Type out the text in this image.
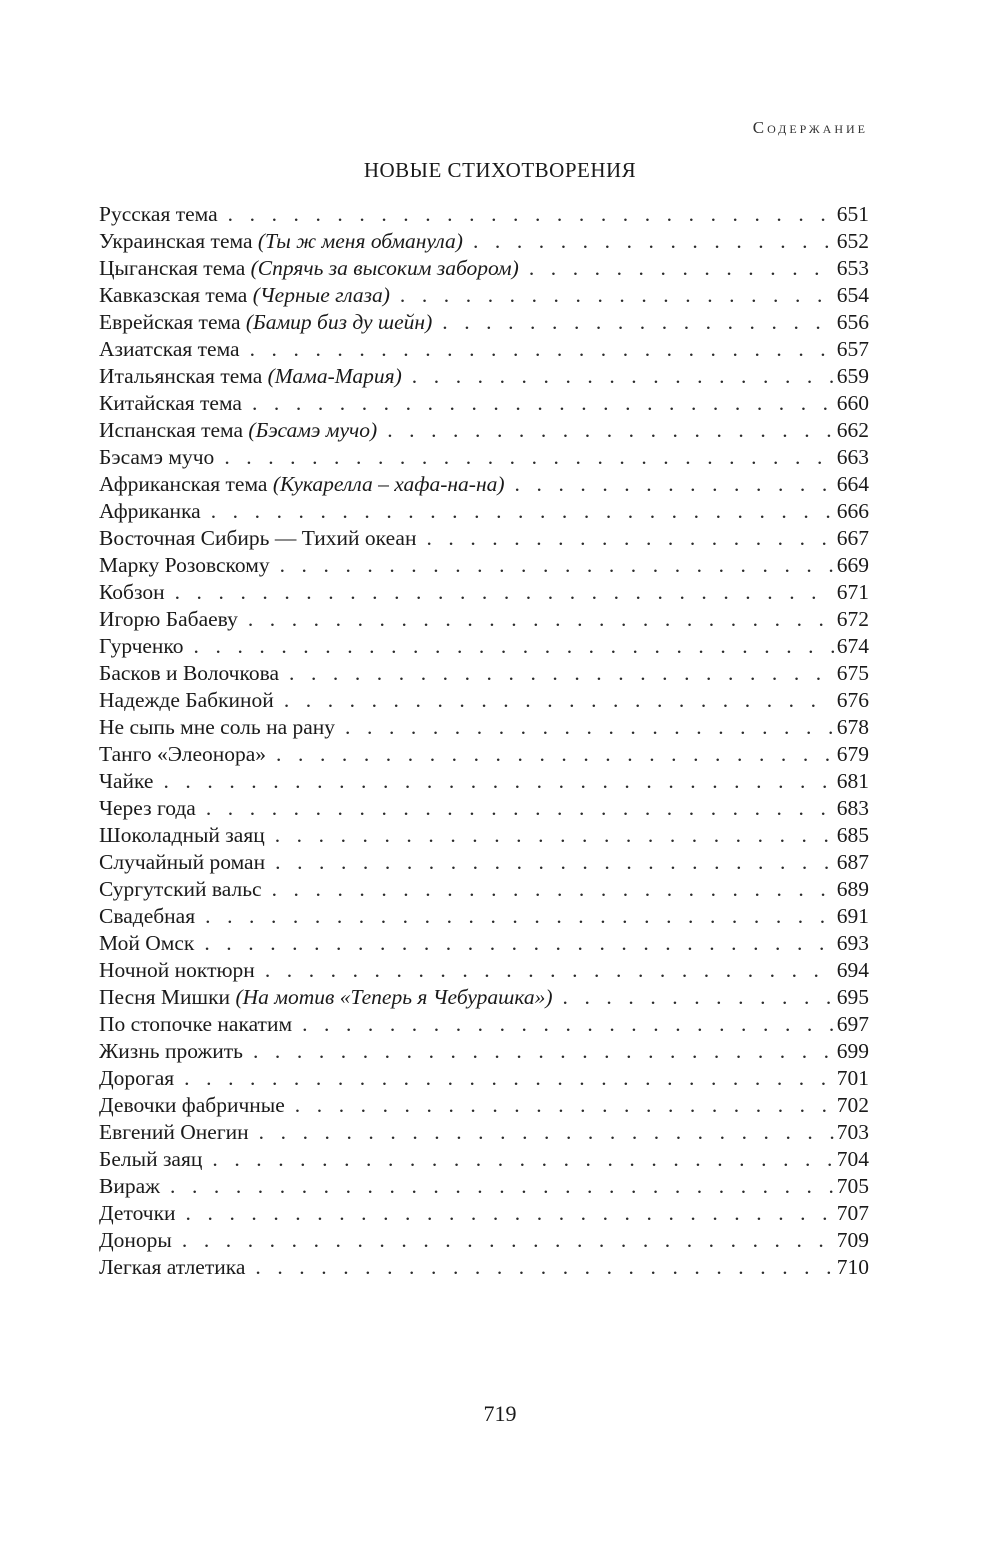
Содержание
НОВЫЕ СТИХОТВОРЕНИЯ
Русская тема . . .	651
Украинская тема (Ты ж меня обманула) . . .	652
Цыганская тема (Спрячь за высоким забором) . . .	653
Кавказская тема (Черные глаза) . . .	654
Еврейская тема (Бамир биз ду шейн) . . .	656
Азиатская тема . . .	657
Итальянская тема (Мама-Мария) . . .	659
Китайская тема . . .	660
Испанская тема (Бэсамэ мучо) . . .	662
Бэсамэ мучо . . .	663
Африканская тема (Кукарелла – хафа-на-на) . . .	664
Африканка . . .	666
Восточная Сибирь — Тихий океан . . .	667
Марку Розовскому . . .	669
Кобзон . . .	671
Игорю Бабаеву . . .	672
Гурченко . . .	674
Басков и Волочкова . . .	675
Надежде Бабкиной . . .	676
Не сыпь мне соль на рану . . .	678
Танго «Элеонора» . . .	679
Чайке . . .	681
Через года . . .	683
Шоколадный заяц . . .	685
Случайный роман . . .	687
Сургутский вальс . . .	689
Свадебная . . .	691
Мой Омск . . .	693
Ночной ноктюрн . . .	694
Песня Мишки (На мотив «Теперь я Чебурашка») . . .	695
По стопочке накатим . . .	697
Жизнь прожить . . .	699
Дорогая . . .	701
Девочки фабричные . . .	702
Евгений Онегин . . .	703
Белый заяц . . .	704
Вираж . . .	705
Деточки . . .	707
Доноры . . .	709
Легкая атлетика . . .	710
719
